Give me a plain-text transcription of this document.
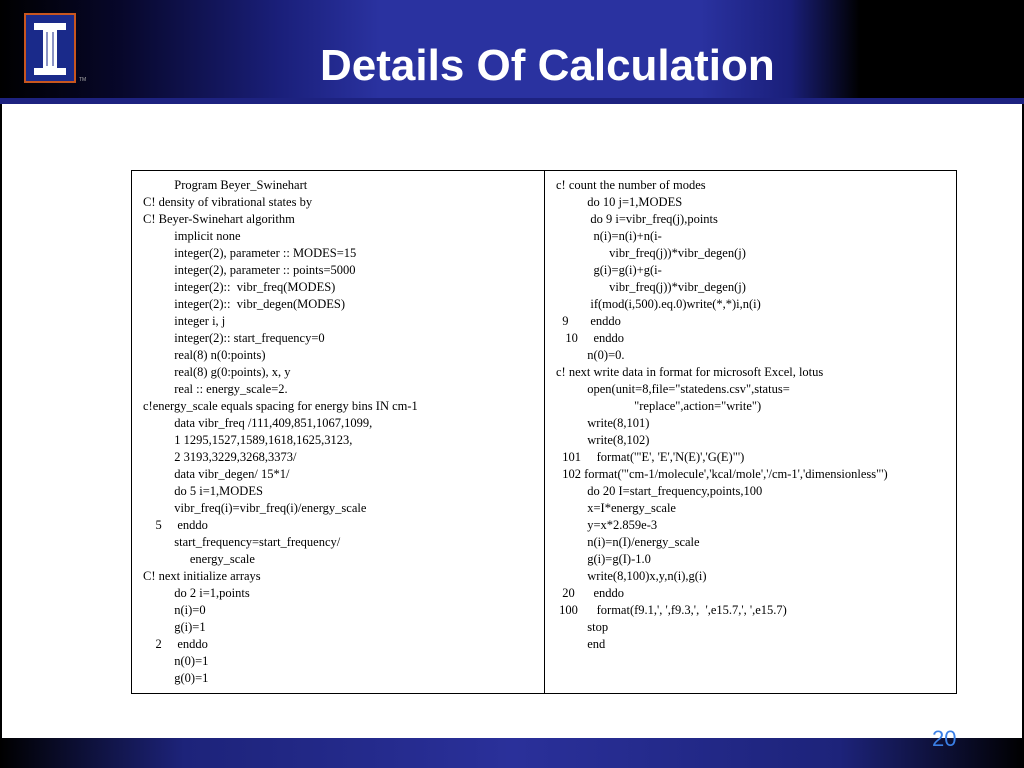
TM	Details Of Calculation
Program Beyer_Swinehart
C! density of vibrational states by
C! Beyer-Swinehart algorithm
implicit none
integer(2), parameter :: MODES=15
integer(2), parameter :: points=5000
integer(2)::  vibr_freq(MODES)
integer(2)::  vibr_degen(MODES)
integer i, j
integer(2):: start_frequency=0
real(8) n(0:points)
real(8) g(0:points), x, y
real :: energy_scale=2.
c!energy_scale equals spacing for energy bins IN cm-1
data vibr_freq /111,409,851,1067,1099,
1 1295,1527,1589,1618,1625,3123,
2 3193,3229,3268,3373/
data vibr_degen/ 15*1/
do 5 i=1,MODES
vibr_freq(i)=vibr_freq(i)/energy_scale
5     enddo
start_frequency=start_frequency/
energy_scale
C! next initialize arrays
do 2 i=1,points
n(i)=0
g(i)=1
2     enddo
n(0)=1
g(0)=1
c! count the number of modes
do 10 j=1,MODES
do 9 i=vibr_freq(j),points
n(i)=n(i)+n(i-
vibr_freq(j))*vibr_degen(j)
g(i)=g(i)+g(i-
vibr_freq(j))*vibr_degen(j)
if(mod(i,500).eq.0)write(*,*)i,n(i)
9       enddo
10     enddo
n(0)=0.
c! next write data in format for microsoft Excel, lotus
open(unit=8,file="statedens.csv",status=
"replace",action="write")
write(8,101)
write(8,102)
101     format('"E', 'E','N(E)','G(E)"')
102 format('"cm-1/molecule','kcal/mole','/cm-1','dimensionless"')
do 20 I=start_frequency,points,100
x=I*energy_scale
y=x*2.859e-3
n(i)=n(I)/energy_scale
g(i)=g(I)-1.0
write(8,100)x,y,n(i),g(i)
20      enddo
100      format(f9.1,', ',f9.3,',  ',e15.7,', ',e15.7)
stop
end
20
